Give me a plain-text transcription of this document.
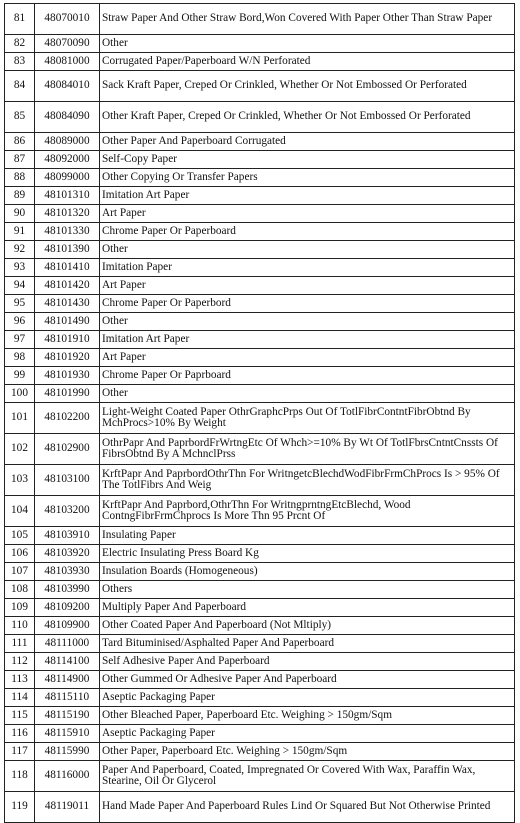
81	48070010	Straw Paper And Other Straw Bord,Won Covered With Paper Other Than Straw Paper
82	48070090	Other
83	48081000	Corrugated Paper/Paperboard W/N Perforated
84	48084010	Sack Kraft Paper, Creped Or Crinkled, Whether Or Not Embossed Or Perforated
85	48084090	Other Kraft Paper, Creped Or Crinkled, Whether Or Not Embossed Or Perforated
86	48089000	Other Paper And Paperboard Corrugated
87	48092000	Self-Copy Paper
88	48099000	Other Copying Or Transfer Papers
89	48101310	Imitation Art Paper
90	48101320	Art Paper
91	48101330	Chrome Paper Or Paperboard
92	48101390	Other
93	48101410	Imitation Paper
94	48101420	Art Paper
95	48101430	Chrome Paper Or Paperbord
96	48101490	Other
97	48101910	Imitation Art Paper
98	48101920	Art Paper
99	48101930	Chrome Paper Or Paprboard
100	48101990	Other
101	48102200	Light-Weight Coated Paper OthrGraphcPrps Out Of TotlFibrContntFibrObtnd By MchProcs>10% By Weight
102	48102900	OthrPapr And PaprbordFrWrtngEtc Of Whch>=10% By Wt Of TotlFbrsCntntCnssts Of FibrsObtnd By A MchnclPrss
103	48103100	KrftPapr And PaprbordOthrThn For WritngetcBlechdWodFibrFrmChProcs Is > 95% Of The TotlFibrs And Weig
104	48103200	KrftPapr And Paprbord,OthrThn For WritngprntngEtcBlechd, Wood ContngFibrFrmChprocs Is More Thn 95 Prcnt Of
105	48103910	Insulating Paper
106	48103920	Electric Insulating Press Board Kg
107	48103930	Insulation Boards (Homogeneous)
108	48103990	Others
109	48109200	Multiply Paper And Paperboard
110	48109900	Other Coated Paper And Paperboard (Not Mltiply)
111	48111000	Tard Bituminised/Asphalted Paper And Paperboard
112	48114100	Self Adhesive Paper And Paperboard
113	48114900	Other Gummed Or Adhesive Paper And Paperboard
114	48115110	Aseptic Packaging Paper
115	48115190	Other Bleached Paper, Paperboard Etc. Weighing > 150gm/Sqm
116	48115910	Aseptic Packaging Paper
117	48115990	Other Paper, Paperboard Etc. Weighing > 150gm/Sqm
118	48116000	Paper And Paperboard, Coated, Impregnated Or Covered With Wax, Paraffin Wax, Stearine, Oil Or Glycerol
119	48119011	Hand Made Paper And Paperboard Rules Lind Or Squared But Not Otherwise Printed
